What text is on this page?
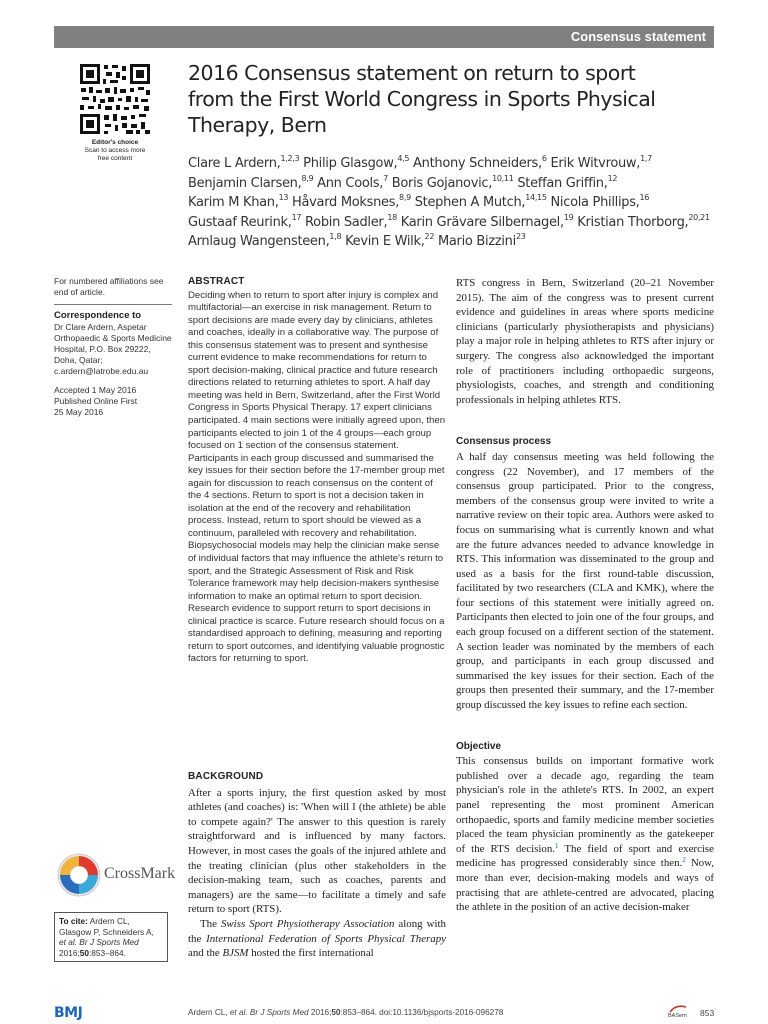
Consensus statement
Editor's choice
Scan to access more
free content
2016 Consensus statement on return to sport
from the First World Congress in Sports Physical
Therapy, Bern
Clare L Ardern,$^{1,2,3}$ Philip Glasgow,$^{4,5}$ Anthony Schneiders,$^6$ Erik Witvrouw,$^{1,7}$
Benjamin Clarsen,$^{8,9}$ Ann Cools,$^7$ Boris Gojanovic,$^{10,11}$ Steffan Griffin,$^{12}$
Karim M Khan,$^{13}$ Håvard Moksnes,$^{8,9}$ Stephen A Mutch,$^{14,15}$ Nicola Phillips,$^{16}$
Gustaaf Reurink,$^{17}$ Robin Sadler,$^{18}$ Karin Grävare Silbernagel,$^{19}$ Kristian Thorborg,$^{20,21}$
Arnlaug Wangensteen,$^{1,8}$ Kevin E Wilk,$^{22}$ Mario Bizzini$^{23}$

For numbered affiliations see end of article.

Correspondence to

Dr Clare Ardern, Aspetar

Orthopaedic & Sports Medicine

Hospital, P.O. Box 29222,

Doha, Qatar;

c.ardern@latrobe.edu.au

Accepted 1 May 2016

Published Online First

25 May 2016

ABSTRACT

Deciding when to return to sport after injury is complex and multifactorial—an exercise in risk management. Return to sport decisions are made every day by clinicians, athletes and coaches, ideally in a collaborative way. The purpose of this consensus statement was to present and synthesise current evidence to make recommendations for return to sport decision-making, clinical practice and future research directions related to returning athletes to sport. A half day meeting was held in Bern, Switzerland, after the First World Congress in Sports Physical Therapy. 17 expert clinicians participated. 4 main sections were initially agreed upon, then participants elected to join 1 of the 4 groups—each group focused on 1 section of the consensus statement. Participants in each group discussed and summarised the key issues for their section before the 17-member group met again for discussion to reach consensus on the content of the 4 sections. Return to sport is not a decision taken in isolation at the end of the recovery and rehabilitation process. Instead, return to sport should be viewed as a continuum, paralleled with recovery and rehabilitation. Biopsychosocial models may help the clinician make sense of individual factors that may influence the athlete's return to sport, and the Strategic Assessment of Risk and Risk Tolerance framework may help decision-makers synthesise information to make an optimal return to sport decision. Research evidence to support return to sport decisions in clinical practice is scarce. Future research should focus on a standardised approach to defining, measuring and reporting return to sport outcomes, and identifying valuable prognostic factors for returning to sport.

BACKGROUND

After a sports injury, the first question asked by most athletes (and coaches) is: 'When will I (the athlete) be able to compete again?' The answer to this question is rarely straightforward and is influenced by many factors. However, in most cases the goals of the injured athlete and the treating clinician (plus other stakeholders in the decision-making team, such as coaches, parents and managers) are the same—to facilitate a timely and safe return to sport (RTS).

The Swiss Sport Physiotherapy Association along with the International Federation of Sports Physical Therapy and the BJSM hosted the first international

RTS congress in Bern, Switzerland (20–21 November 2015). The aim of the congress was to present current evidence and guidelines in areas where sports medicine clinicians (particularly physiotherapists and physicians) play a major role in helping athletes to RTS after injury or surgery. The congress also acknowledged the important role of practitioners including orthopaedic surgeons, physiologists, coaches, and strength and conditioning professionals in helping athletes RTS.

Consensus process

A half day consensus meeting was held following the congress (22 November), and 17 members of the consensus group participated. Prior to the congress, members of the consensus group were invited to write a narrative review on their topic area. Authors were asked to focus on summarising what is currently known and what are the future advances needed to advance knowledge in RTS. This information was disseminated to the group and used as a basis for the first round-table discussion, facilitated by two researchers (CLA and KMK), where the four sections of this statement were initially agreed on. Participants then elected to join one of the four groups, and each group focused on a different section of the statement. A section leader was nominated by the members of each group, and participants in each group discussed and summarised the key issues for their section. Each of the groups then presented their summary, and the 17-member group discussed the key issues to refine each section.

Objective

This consensus builds on important formative work published over a decade ago, regarding the team physician's role in the athlete's RTS. In 2002, an expert panel representing the most prominent American orthopaedic, sports and family medicine member societies placed the team physician prominently as the gatekeeper of the RTS decision.$^1$ The field of sport and exercise medicine has progressed considerably since then.$^2$ Now, more than ever, decision-making models and ways of practising that are athlete-centred are advocated, placing the athlete in the position of an active decision-maker

CrossMark
To cite: Ardern CL, Glasgow P, Schneiders A, et al. Br J Sports Med 2016;50:853–864.
BMJ	Ardern CL, et al. Br J Sports Med 2016;50:853–864. doi:10.1136/bjsports-2016-096278	BASem 853
